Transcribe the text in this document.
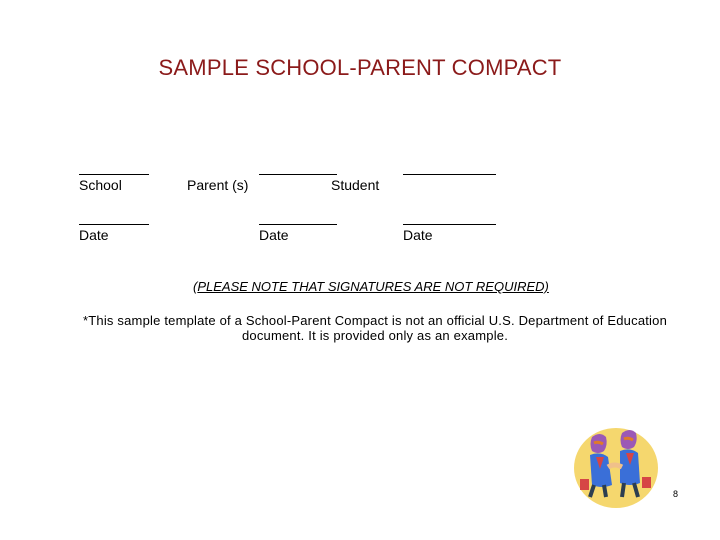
SAMPLE SCHOOL-PARENT COMPACT
School	Parent (s)	Student
Date	Date	Date
(PLEASE NOTE THAT SIGNATURES ARE NOT REQUIRED)
*This sample template of a School-Parent Compact is not an official U.S. Department of Education document. It is provided only as an example.
8
